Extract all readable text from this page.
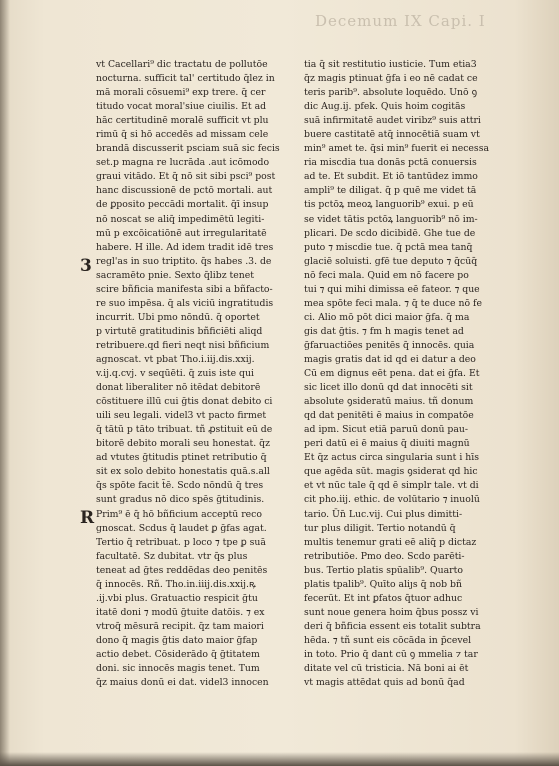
Decemum IX Capi. I
3
R
vt Cacellari⁹ dic tractatu de pollutōe
nocturna. sufficit tal' certitudo q̄lez in
mā morali cōsuemi⁹ exp trere. q̄ cer
titudo vocat moral'siue ciuilis. Et ad
hāc certitudinē moralē sufficit vt plu
rimū q̄ si hō accedēs ad missam cele
brandā discusserit psciam suā sic fecis
set.p magna re lucrāda .aut icōmodo
graui vitādo. Et q̄ nō sit sibi psci⁹ post
hanc discussionē de pctō mortali. aut
de ꝑposito peccādi mortalit. q̄ī insup
nō noscat se aliq̄ impedimētū legiti-
mū p excōicatiōnē aut irregularitatē
habere. H ille. Ad idem tradit idē tres
regl'as in suo triptito. q̄s habes .3. de
sacramēto pnie. Sexto q̄libz tenet
scire bñficia manifesta sibi a bñfacto-
re suo impēsa. q̄ als viciū ingratitudis
incurrit. Ubi pmo nōndū. q̄ oportet
p virtutē gratitudinis bñficiēti aliqd
retribuere.qd fieri neqt nisi bñficium
agnoscat. vt pbat Tho.i.iij.dis.xxij.
v.ij.q.cvj. v seqūēti. q̄ zuis iste qui
donat liberaliter nō itēdat debitorē
cōstituere illū cui ḡtis donat debito ci
uili seu legali. videl3 vt pacto firmet
q̄ tātū p tāto tribuat. tñ ꝓstituit eū de
bitorē debito morali seu honestat. q̄z
ad vtutes ḡtitudis ptinet retributio q̄
sit ex solo debito honestatis quā.s.all
q̄s spōte facit t̄ē. Scdo nōndū q̄ tres
sunt gradus nō dico spēs ḡtitudinis.
Prim⁹ ē q̄ hō bñficium acceptū reco
gnoscat. Scdus q̄ laudet ꝑ ḡfas agat.
Tertio q̄ retribuat. p loco ⁊ tpe ꝑ suā
facultatē. Sz dubitat. vtr q̄s plus
teneat ad ḡtes reddēdas deo penitēs
q̄ innocēs. Rñ. Tho.in.iiij.dis.xxij.ꝶ
.ij.vbi plus. Gratuactio respicit ḡtu
itatē doni ⁊ modū ḡtuite datōis. ⁊ ex
vtroq̄ mēsurā recipit. q̄z tam maiori
dono q̄ magis ḡtis dato maior ḡfap
actio debet. Cōsiderādo q̄ ḡtitatem
doni. sic innocēs magis tenet. Tum
q̄z maius donū ei dat. videl3 innocen
tia q̄ sit restitutio iusticie. Tum etia3
q̄z magis ptinuat ḡfa i eo nē cadat ce
teris parib⁹. absolute loquēdo. Unō ꝯ
dic Aug.ij. pfek. Quis hoim cogitās
suā infirmitatē audet viribz⁹ suis attri
buere castitatē atq̄ innocētiā suam vt
min⁹ amet te. q̄si min⁹ fuerit ei necessa
ria miscdia tua donās pctā conuersis
ad te. Et subdit. Et iō tantūdez immo
ampli⁹ te diligat. q̄ p quē me videt tā
tis pctōꝝ meoꝝ languorib⁹ exui. p eū
se videt tātis pctōꝝ languorib⁹ nō im-
plicari. De scdo dicibidē. Ghe tue de
puto ⁊ miscdie tue. q̄ pctā mea tanq̄
glaciē soluisti. gfē tue deputo ⁊ q̄cūq̄
nō feci mala. Quid em nō facere po
tui ⁊ qui mihi dimissa eē fateor. ⁊ que
mea spōte feci mala. ⁊ q̄ te duce nō fe
ci. Alio mō pōt dici maior ḡfa. q̄ ma
gis dat ḡtis. ⁊ fm h magis tenet ad
ḡfaruactiōes penitēs q̄ innocēs. quia
magis gratis dat id qd ei datur a deo
Cū em dignus eēt pena. dat ei ḡfa. Et
sic licet illo donū qd dat innocēti sit
absolute ꝯsideratū maius. tñ donum
qd dat penitēti ē maius in compatōe
ad ipm. Sicut etiā paruū donū pau-
peri datū ei ē maius q̄ diuiti magnū
Et q̄z actus circa singularia sunt i hīs
que agēda sūt. magis ꝯsiderat qd hic
et vt nūc tale q̄ qd ē simplr tale. vt di
cit pho.iij. ethic. de volūtario ⁊ inuolū
tario. Ūn̄ Luc.vij. Cui plus dimitti-
tur plus diligit. Tertio notandū q̄
multis tenemur grati eē aliq̄ p dictaz
retributiōe. Pmo deo. Scdo parēti-
bus. Tertio platis spūalib⁹. Quarto
platis tpalib⁹. Quīto aliȷs q̄ nob bñ
fecerūt. Et int ꝑfatos q̄tuor adhuc
sunt noue genera hoim q̄bus possz vi
deri q̄ bñficia essent eis totalit subtra
hēda. ⁊ tñ sunt eis cōcāda in p̄cevel
in toto. Prio q̄ dant cū ꝯ mmelia ⁊ tar
ditate vel cū tristicia. Nā boni ai ēt
vt magis attēdat quis ad bonū q̄ad
